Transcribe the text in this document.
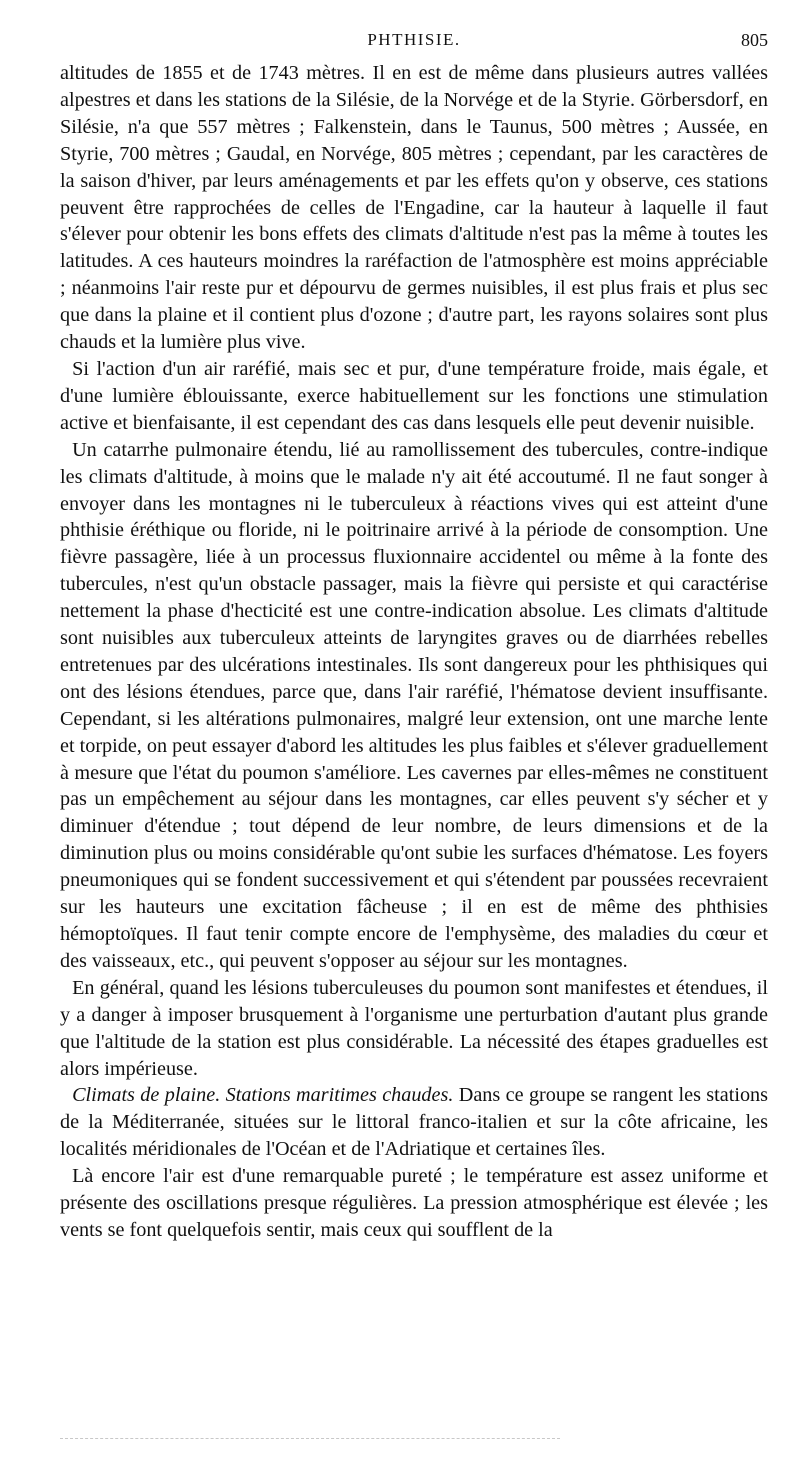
PHTHISIE.	805

altitudes de 1855 et de 1743 mètres. Il en est de même dans plusieurs autres vallées alpestres et dans les stations de la Silésie, de la Norvége et de la Styrie. Görbersdorf, en Silésie, n'a que 557 mètres ; Falkenstein, dans le Taunus, 500 mètres ; Aussée, en Styrie, 700 mètres ; Gaudal, en Norvége, 805 mètres ; cependant, par les caractères de la saison d'hiver, par leurs aménagements et par les effets qu'on y observe, ces stations peuvent être rapprochées de celles de l'Engadine, car la hauteur à laquelle il faut s'élever pour obtenir les bons effets des climats d'altitude n'est pas la même à toutes les latitudes. A ces hauteurs moindres la raréfaction de l'atmosphère est moins appréciable ; néanmoins l'air reste pur et dépourvu de germes nuisibles, il est plus frais et plus sec que dans la plaine et il contient plus d'ozone ; d'autre part, les rayons solaires sont plus chauds et la lumière plus vive.

 Si l'action d'un air raréfié, mais sec et pur, d'une température froide, mais égale, et d'une lumière éblouissante, exerce habituellement sur les fonctions une stimulation active et bienfaisante, il est cependant des cas dans lesquels elle peut devenir nuisible.

 Un catarrhe pulmonaire étendu, lié au ramollissement des tubercules, contre-indique les climats d'altitude, à moins que le malade n'y ait été accoutumé. Il ne faut songer à envoyer dans les montagnes ni le tuberculeux à réactions vives qui est atteint d'une phthisie éréthique ou floride, ni le poitrinaire arrivé à la période de consomption. Une fièvre passagère, liée à un processus fluxionnaire accidentel ou même à la fonte des tubercules, n'est qu'un obstacle passager, mais la fièvre qui persiste et qui caractérise nettement la phase d'hecticité est une contre-indication absolue. Les climats d'altitude sont nuisibles aux tuberculeux atteints de laryngites graves ou de diarrhées rebelles entretenues par des ulcérations intestinales. Ils sont dangereux pour les phthisiques qui ont des lésions étendues, parce que, dans l'air raréfié, l'hématose devient insuffisante. Cependant, si les altérations pulmonaires, malgré leur extension, ont une marche lente et torpide, on peut essayer d'abord les altitudes les plus faibles et s'élever graduellement à mesure que l'état du poumon s'améliore. Les cavernes par elles-mêmes ne constituent pas un empêchement au séjour dans les montagnes, car elles peuvent s'y sécher et y diminuer d'étendue ; tout dépend de leur nombre, de leurs dimensions et de la diminution plus ou moins considérable qu'ont subie les surfaces d'hématose. Les foyers pneumoniques qui se fondent successivement et qui s'étendent par poussées recevraient sur les hauteurs une excitation fâcheuse ; il en est de même des phthisies hémoptoïques. Il faut tenir compte encore de l'emphysème, des maladies du cœur et des vaisseaux, etc., qui peuvent s'opposer au séjour sur les montagnes.

 En général, quand les lésions tuberculeuses du poumon sont manifestes et étendues, il y a danger à imposer brusquement à l'organisme une perturbation d'autant plus grande que l'altitude de la station est plus considérable. La nécessité des étapes graduelles est alors impérieuse.

 Climats de plaine. Stations maritimes chaudes. Dans ce groupe se rangent les stations de la Méditerranée, situées sur le littoral franco-italien et sur la côte africaine, les localités méridionales de l'Océan et de l'Adriatique et certaines îles.

 Là encore l'air est d'une remarquable pureté ; le température est assez uniforme et présente des oscillations presque régulières. La pression atmosphérique est élevée ; les vents se font quelquefois sentir, mais ceux qui soufflent de la
